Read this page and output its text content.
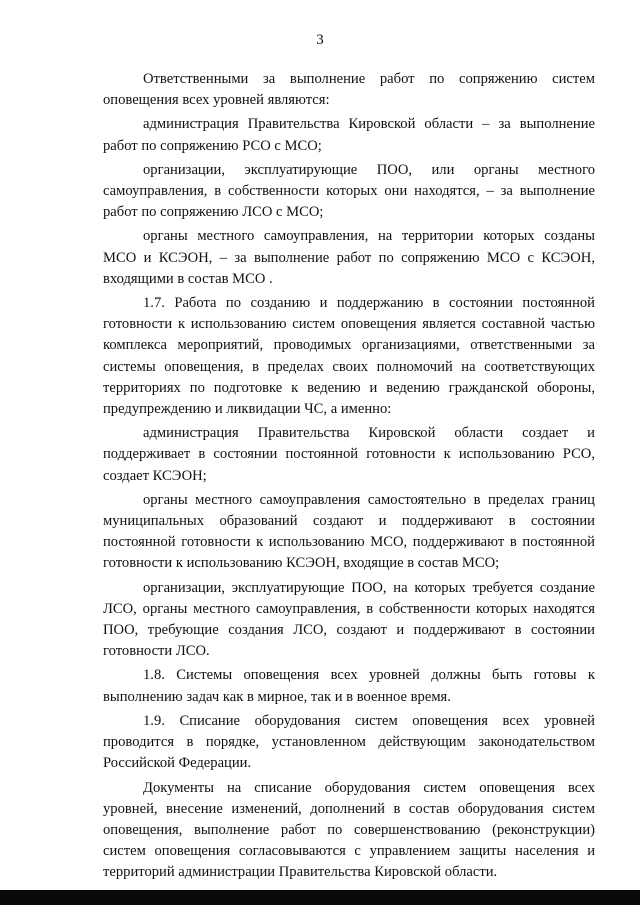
3

Ответственными за выполнение работ по сопряжению систем оповещения всех уровней являются:

администрация Правительства Кировской области – за выполнение работ по сопряжению РСО с МСО;

организации, эксплуатирующие ПОО, или органы местного самоуправления, в собственности которых они находятся, – за выполнение работ по сопряжению ЛСО с МСО;

органы местного самоуправления, на территории которых созданы МСО и КСЭОН, – за выполнение работ по сопряжению МСО с КСЭОН, входящими в состав МСО .

1.7. Работа по созданию и поддержанию в состоянии постоянной готовности к использованию систем оповещения является составной частью комплекса мероприятий, проводимых организациями, ответственными за системы оповещения, в пределах своих полномочий на соответствующих территориях по подготовке к ведению и ведению гражданской обороны, предупреждению и ликвидации ЧС, а именно:

администрация Правительства Кировской области создает и поддерживает в состоянии постоянной готовности к использованию РСО, создает КСЭОН;

органы местного самоуправления самостоятельно в пределах границ муниципальных образований создают и поддерживают в состоянии постоянной готовности к использованию МСО, поддерживают в постоянной готовности к использованию КСЭОН, входящие в состав МСО;

организации, эксплуатирующие ПОО, на которых требуется создание ЛСО, органы местного самоуправления, в собственности которых находятся ПОО, требующие создания ЛСО, создают и поддерживают в состоянии готовности ЛСО.

1.8. Системы оповещения всех уровней должны быть готовы к выполнению задач как в мирное, так и в военное время.

1.9. Списание оборудования систем оповещения всех уровней проводится в порядке, установленном действующим законодательством Российской Федерации.

Документы на списание оборудования систем оповещения всех уровней, внесение изменений, дополнений в состав оборудования систем оповещения, выполнение работ по совершенствованию (реконструкции) систем оповещения согласовываются с управлением защиты населения и территорий администрации Правительства Кировской области.
